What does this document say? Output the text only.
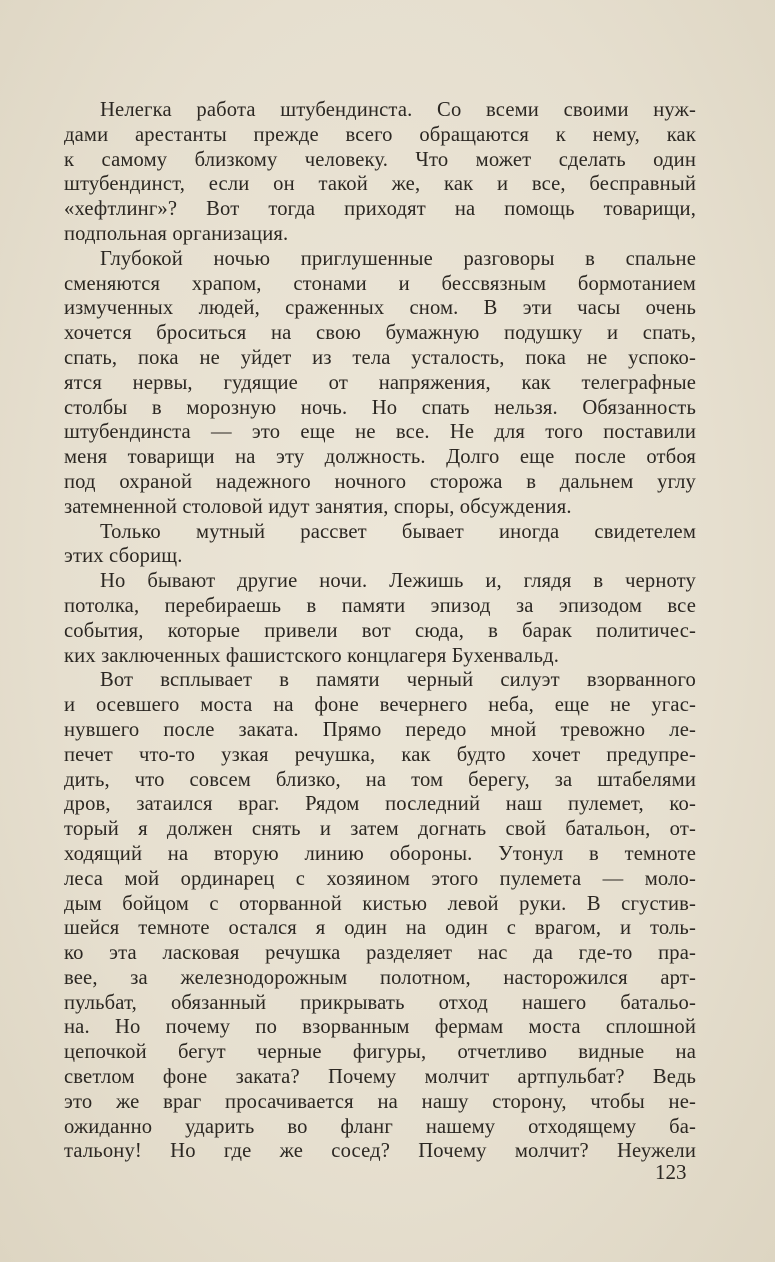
Нелегка работа штубендинста. Со всеми своими нуж-
дами арестанты прежде всего обращаются к нему, как
к самому близкому человеку. Что может сделать один
штубендинст, если он такой же, как и все, бесправный
«хефтлинг»? Вот тогда приходят на помощь товарищи,
подпольная организация.
Глубокой ночью приглушенные разговоры в спальне
сменяются храпом, стонами и бессвязным бормотанием
измученных людей, сраженных сном. В эти часы очень
хочется броситься на свою бумажную подушку и спать,
спать, пока не уйдет из тела усталость, пока не успоко-
ятся нервы, гудящие от напряжения, как телеграфные
столбы в морозную ночь. Но спать нельзя. Обязанность
штубендинста — это еще не все. Не для того поставили
меня товарищи на эту должность. Долго еще после отбоя
под охраной надежного ночного сторожа в дальнем углу
затемненной столовой идут занятия, споры, обсуждения.
Только мутный рассвет бывает иногда свидетелем
этих сборищ.
Но бывают другие ночи. Лежишь и, глядя в черноту
потолка, перебираешь в памяти эпизод за эпизодом все
события, которые привели вот сюда, в барак политичес-
ких заключенных фашистского концлагеря Бухенвальд.
Вот всплывает в памяти черный силуэт взорванного
и осевшего моста на фоне вечернего неба, еще не угас-
нувшего после заката. Прямо передо мной тревожно ле-
печет что-то узкая речушка, как будто хочет предупре-
дить, что совсем близко, на том берегу, за штабелями
дров, затаился враг. Рядом последний наш пулемет, ко-
торый я должен снять и затем догнать свой батальон, от-
ходящий на вторую линию обороны. Утонул в темноте
леса мой ординарец с хозяином этого пулемета — моло-
дым бойцом с оторванной кистью левой руки. В сгустив-
шейся темноте остался я один на один с врагом, и толь-
ко эта ласковая речушка разделяет нас да где-то пра-
вее, за железнодорожным полотном, насторожился арт-
пульбат, обязанный прикрывать отход нашего батальо-
на. Но почему по взорванным фермам моста сплошной
цепочкой бегут черные фигуры, отчетливо видные на
светлом фоне заката? Почему молчит артпульбат? Ведь
это же враг просачивается на нашу сторону, чтобы не-
ожиданно ударить во фланг нашему отходящему ба-
тальону! Но где же сосед? Почему молчит? Неужели
123
